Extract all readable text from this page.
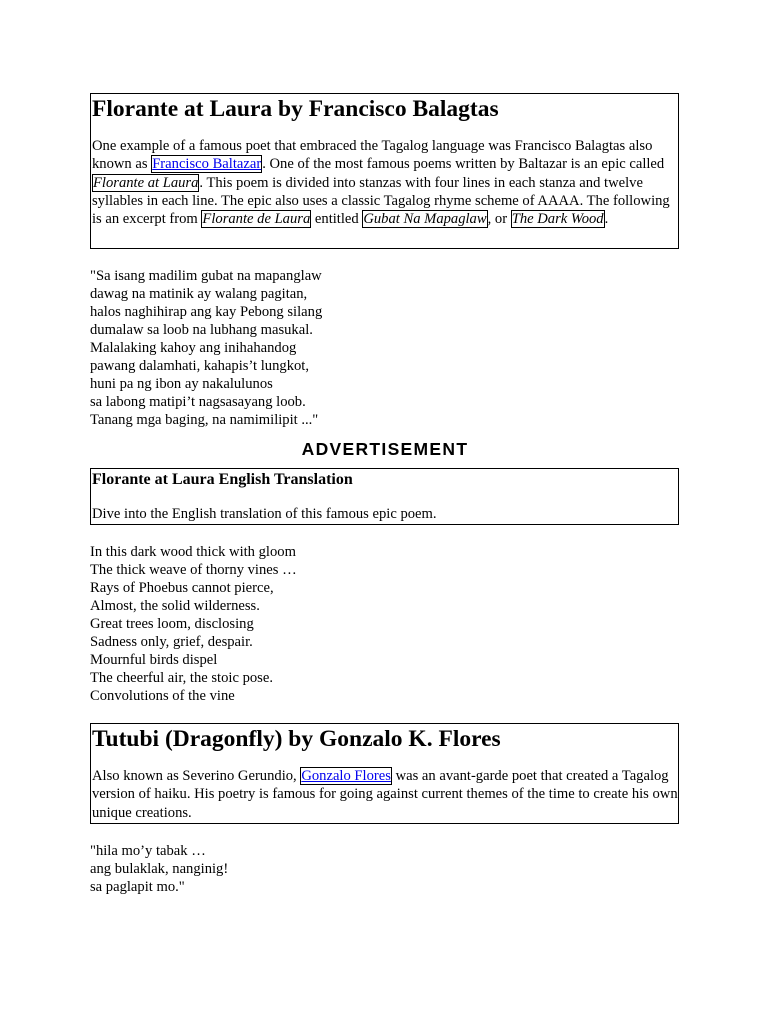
Florante at Laura by Francisco Balagtas

One example of a famous poet that embraced the Tagalog language was Francisco Balagtas also known as Francisco Baltazar. One of the most famous poems written by Baltazar is an epic called Florante at Laura. This poem is divided into stanzas with four lines in each stanza and twelve syllables in each line. The epic also uses a classic Tagalog rhyme scheme of AAAA. The following is an excerpt from Florante de Laura entitled Gubat Na Mapaglaw, or The Dark Wood.

"Sa isang madilim gubat na mapanglaw
dawag na matinik ay walang pagitan,
halos naghihirap ang kay Pebong silang
dumalaw sa loob na lubhang masukal.
Malalaking kahoy ang inihahandog
pawang dalamhati, kahapis’t lungkot,
huni pa ng ibon ay nakalulunos
sa labong matipi’t nagsasayang loob.
Tanang mga baging, na namimilipit ..."
ADVERTISEMENT
Florante at Laura English Translation

Dive into the English translation of this famous epic poem.

In this dark wood thick with gloom
The thick weave of thorny vines …
Rays of Phoebus cannot pierce,
Almost, the solid wilderness.
Great trees loom, disclosing
Sadness only, grief, despair.
Mournful birds dispel
The cheerful air, the stoic pose.
Convolutions of the vine
Tutubi (Dragonfly) by Gonzalo K. Flores

Also known as Severino Gerundio, Gonzalo Flores was an avant-garde poet that created a Tagalog version of haiku. His poetry is famous for going against current themes of the time to create his own unique creations.

"hila mo’y tabak …
ang bulaklak, nanginig!
sa paglapit mo."
